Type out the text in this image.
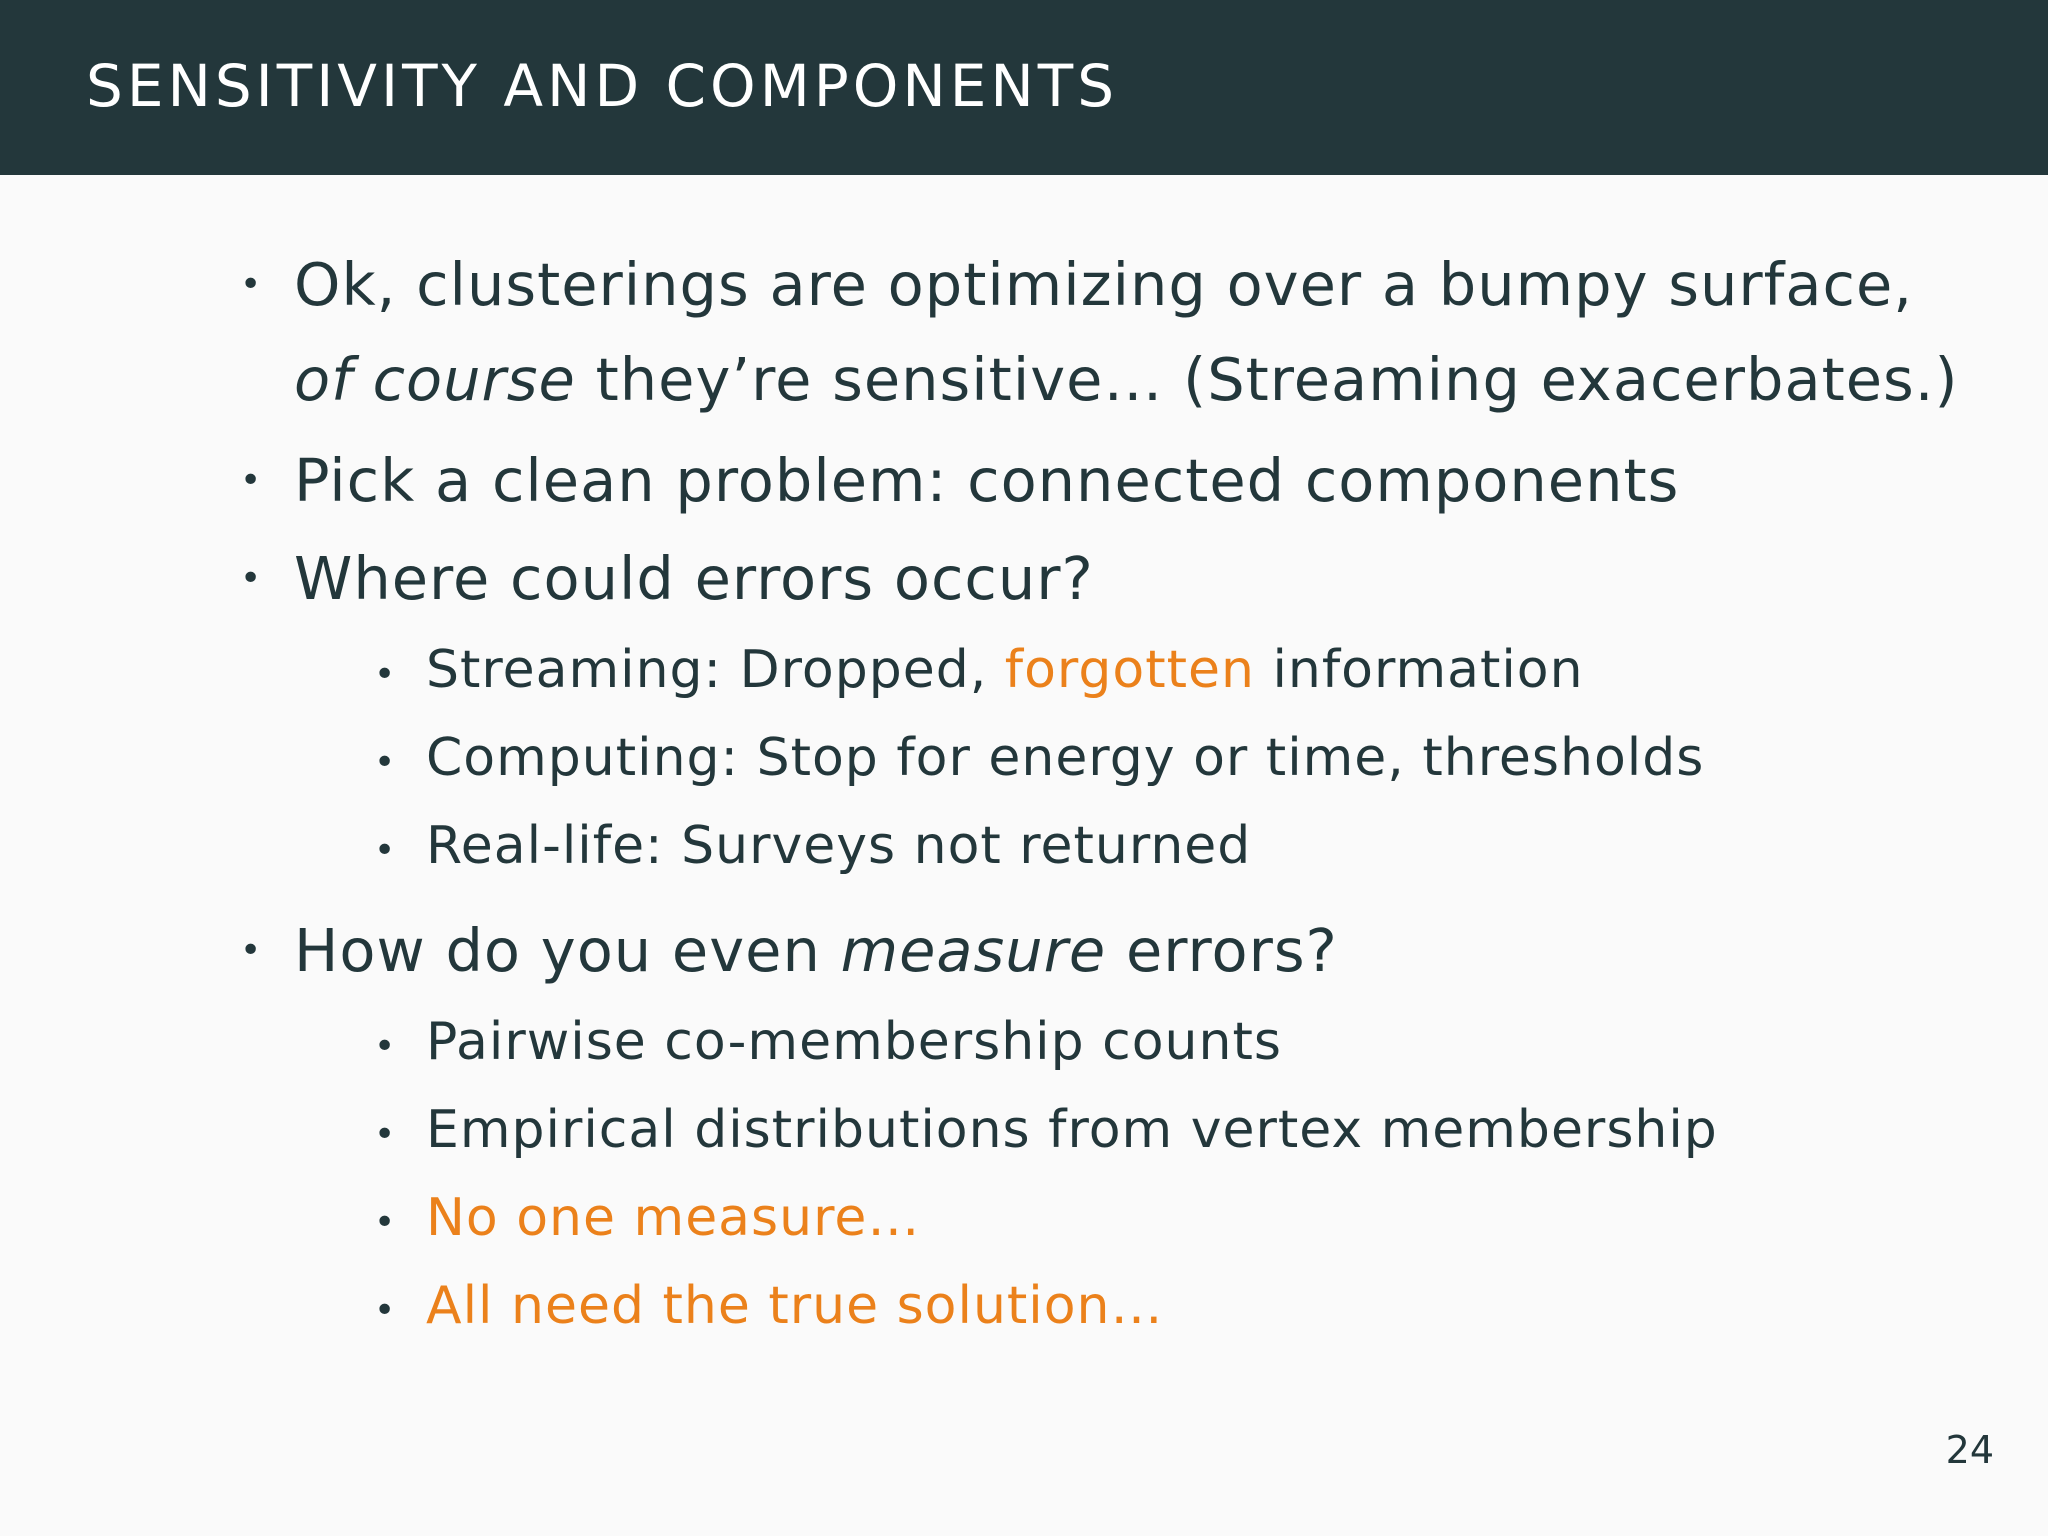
SENSITIVITY AND COMPONENTS
• Ok, clusterings are optimizing over a bumpy surface,
of course they’re sensitive… (Streaming exacerbates.)
• Pick a clean problem: connected components
• Where could errors occur?
• Streaming: Dropped, forgotten information
• Computing: Stop for energy or time, thresholds
• Real-life: Surveys not returned
• How do you even measure errors?
• Pairwise co-membership counts
• Empirical distributions from vertex membership
• No one measure…
• All need the true solution…
24
